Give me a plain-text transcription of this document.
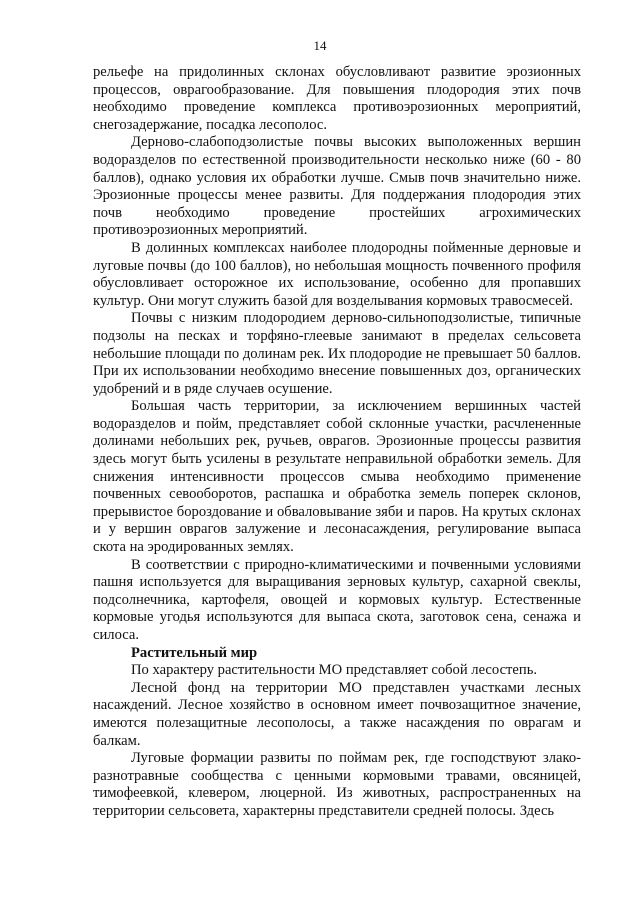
14

рельефе на придолинных склонах обусловливают развитие эрозионных процессов, оврагообразование. Для повышения плодородия этих почв необходимо проведение комплекса противоэрозионных мероприятий, снегозадержание, посадка лесополос.

Дерново-слабоподзолистые почвы высоких выположенных вершин водоразделов по естественной производительности несколько ниже (60 - 80 баллов), однако условия их обработки лучше. Смыв почв значительно ниже. Эрозионные процессы менее развиты. Для поддержания плодородия этих почв необходимо проведение простейших агрохимических противоэрозионных мероприятий.

В долинных комплексах наиболее плодородны пойменные дерновые и луговые почвы (до 100 баллов), но небольшая мощность почвенного профиля обусловливает осторожное их использование, особенно для пропавших культур. Они могут служить базой для возделывания кормовых травосмесей.

Почвы с низким плодородием дерново-сильноподзолистые, типичные подзолы на песках и торфяно-глеевые занимают в пределах сельсовета небольшие площади по долинам рек. Их плодородие не превышает 50 баллов. При их использовании необходимо внесение повышенных доз, органических удобрений и в ряде случаев осушение.

Большая часть территории, за исключением вершинных частей водоразделов и пойм, представляет собой склонные участки, расчлененные долинами небольших рек, ручьев, оврагов. Эрозионные процессы развития здесь могут быть усилены в результате неправильной обработки земель. Для снижения интенсивности процессов смыва необходимо применение почвенных севооборотов, распашка и обработка земель поперек склонов, прерывистое бороздование и обваловывание зяби и паров. На крутых склонах и у вершин оврагов залужение и лесонасаждения, регулирование выпаса скота на эродированных землях.

В соответствии с природно-климатическими и почвенными условиями пашня используется для выращивания зерновых культур, сахарной свеклы, подсолнечника, картофеля, овощей и кормовых культур. Естественные кормовые угодья используются для выпаса скота, заготовок сена, сенажа и силоса.

Растительный мир

По характеру растительности МО представляет собой лесостепь.

Лесной фонд на территории МО представлен участками лесных насаждений. Лесное хозяйство в основном имеет почвозащитное значение, имеются полезащитные лесополосы, а также насаждения по оврагам и балкам.

Луговые формации развиты по поймам рек, где господствуют злако-разнотравные сообщества с ценными кормовыми травами, овсяницей, тимофеевкой, клевером, люцерной. Из животных, распространенных на территории сельсовета, характерны представители средней полосы. Здесь
